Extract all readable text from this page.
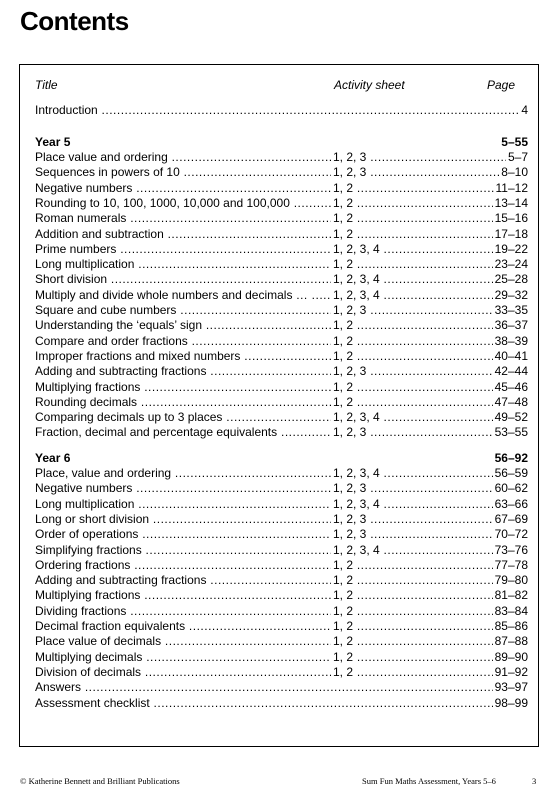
Contents
Title	Activity sheet	Page
Introduction .....	4
Year 5	5–55
Place value and ordering .....	1, 2, 3 .....	5–7
Sequences in powers of 10 .....	1, 2, 3 .....	8–10
Negative numbers .....	1, 2 .....	11–12
Rounding to 10, 100, 1000, 10,000 and 100,000 .....	1, 2 .....	13–14
Roman numerals .....	1, 2 .....	15–16
Addition and subtraction .....	1, 2 .....	17–18
Prime numbers .....	1, 2, 3, 4 .....	19–22
Long multiplication .....	1, 2 .....	23–24
Short division .....	1, 2, 3, 4 .....	25–28
Multiply and divide whole numbers and decimals … .....	1, 2, 3, 4 .....	29–32
Square and cube numbers .....	1, 2, 3 .....	33–35
Understanding the ‘equals’ sign .....	1, 2 .....	36–37
Compare and order fractions .....	1, 2 .....	38–39
Improper fractions and mixed numbers .....	1, 2 .....	40–41
Adding and subtracting fractions .....	1, 2, 3 .....	42–44
Multiplying fractions .....	1, 2 .....	45–46
Rounding decimals .....	1, 2 .....	47–48
Comparing decimals up to 3 places .....	1, 2, 3, 4 .....	49–52
Fraction, decimal and percentage equivalents .....	1, 2, 3 .....	53–55
Year 6	56–92
Place, value and ordering .....	1, 2, 3, 4 .....	56–59
Negative numbers .....	1, 2, 3 .....	60–62
Long multiplication .....	1, 2, 3, 4 .....	63–66
Long or short division .....	1, 2, 3 .....	67–69
Order of operations .....	1, 2, 3 .....	70–72
Simplifying fractions .....	1, 2, 3, 4 .....	73–76
Ordering fractions .....	1, 2 .....	77–78
Adding and subtracting fractions .....	1, 2 .....	79–80
Multiplying fractions .....	1, 2 .....	81–82
Dividing fractions .....	1, 2 .....	83–84
Decimal fraction equivalents .....	1, 2 .....	85–86
Place value of decimals .....	1, 2 .....	87–88
Multiplying decimals .....	1, 2 .....	89–90
Division of decimals .....	1, 2 .....	91–92
Answers .....	93–97
Assessment checklist .....	98–99
© Katherine Bennett and Brilliant Publications	Sum Fun Maths Assessment, Years 5–6	3
